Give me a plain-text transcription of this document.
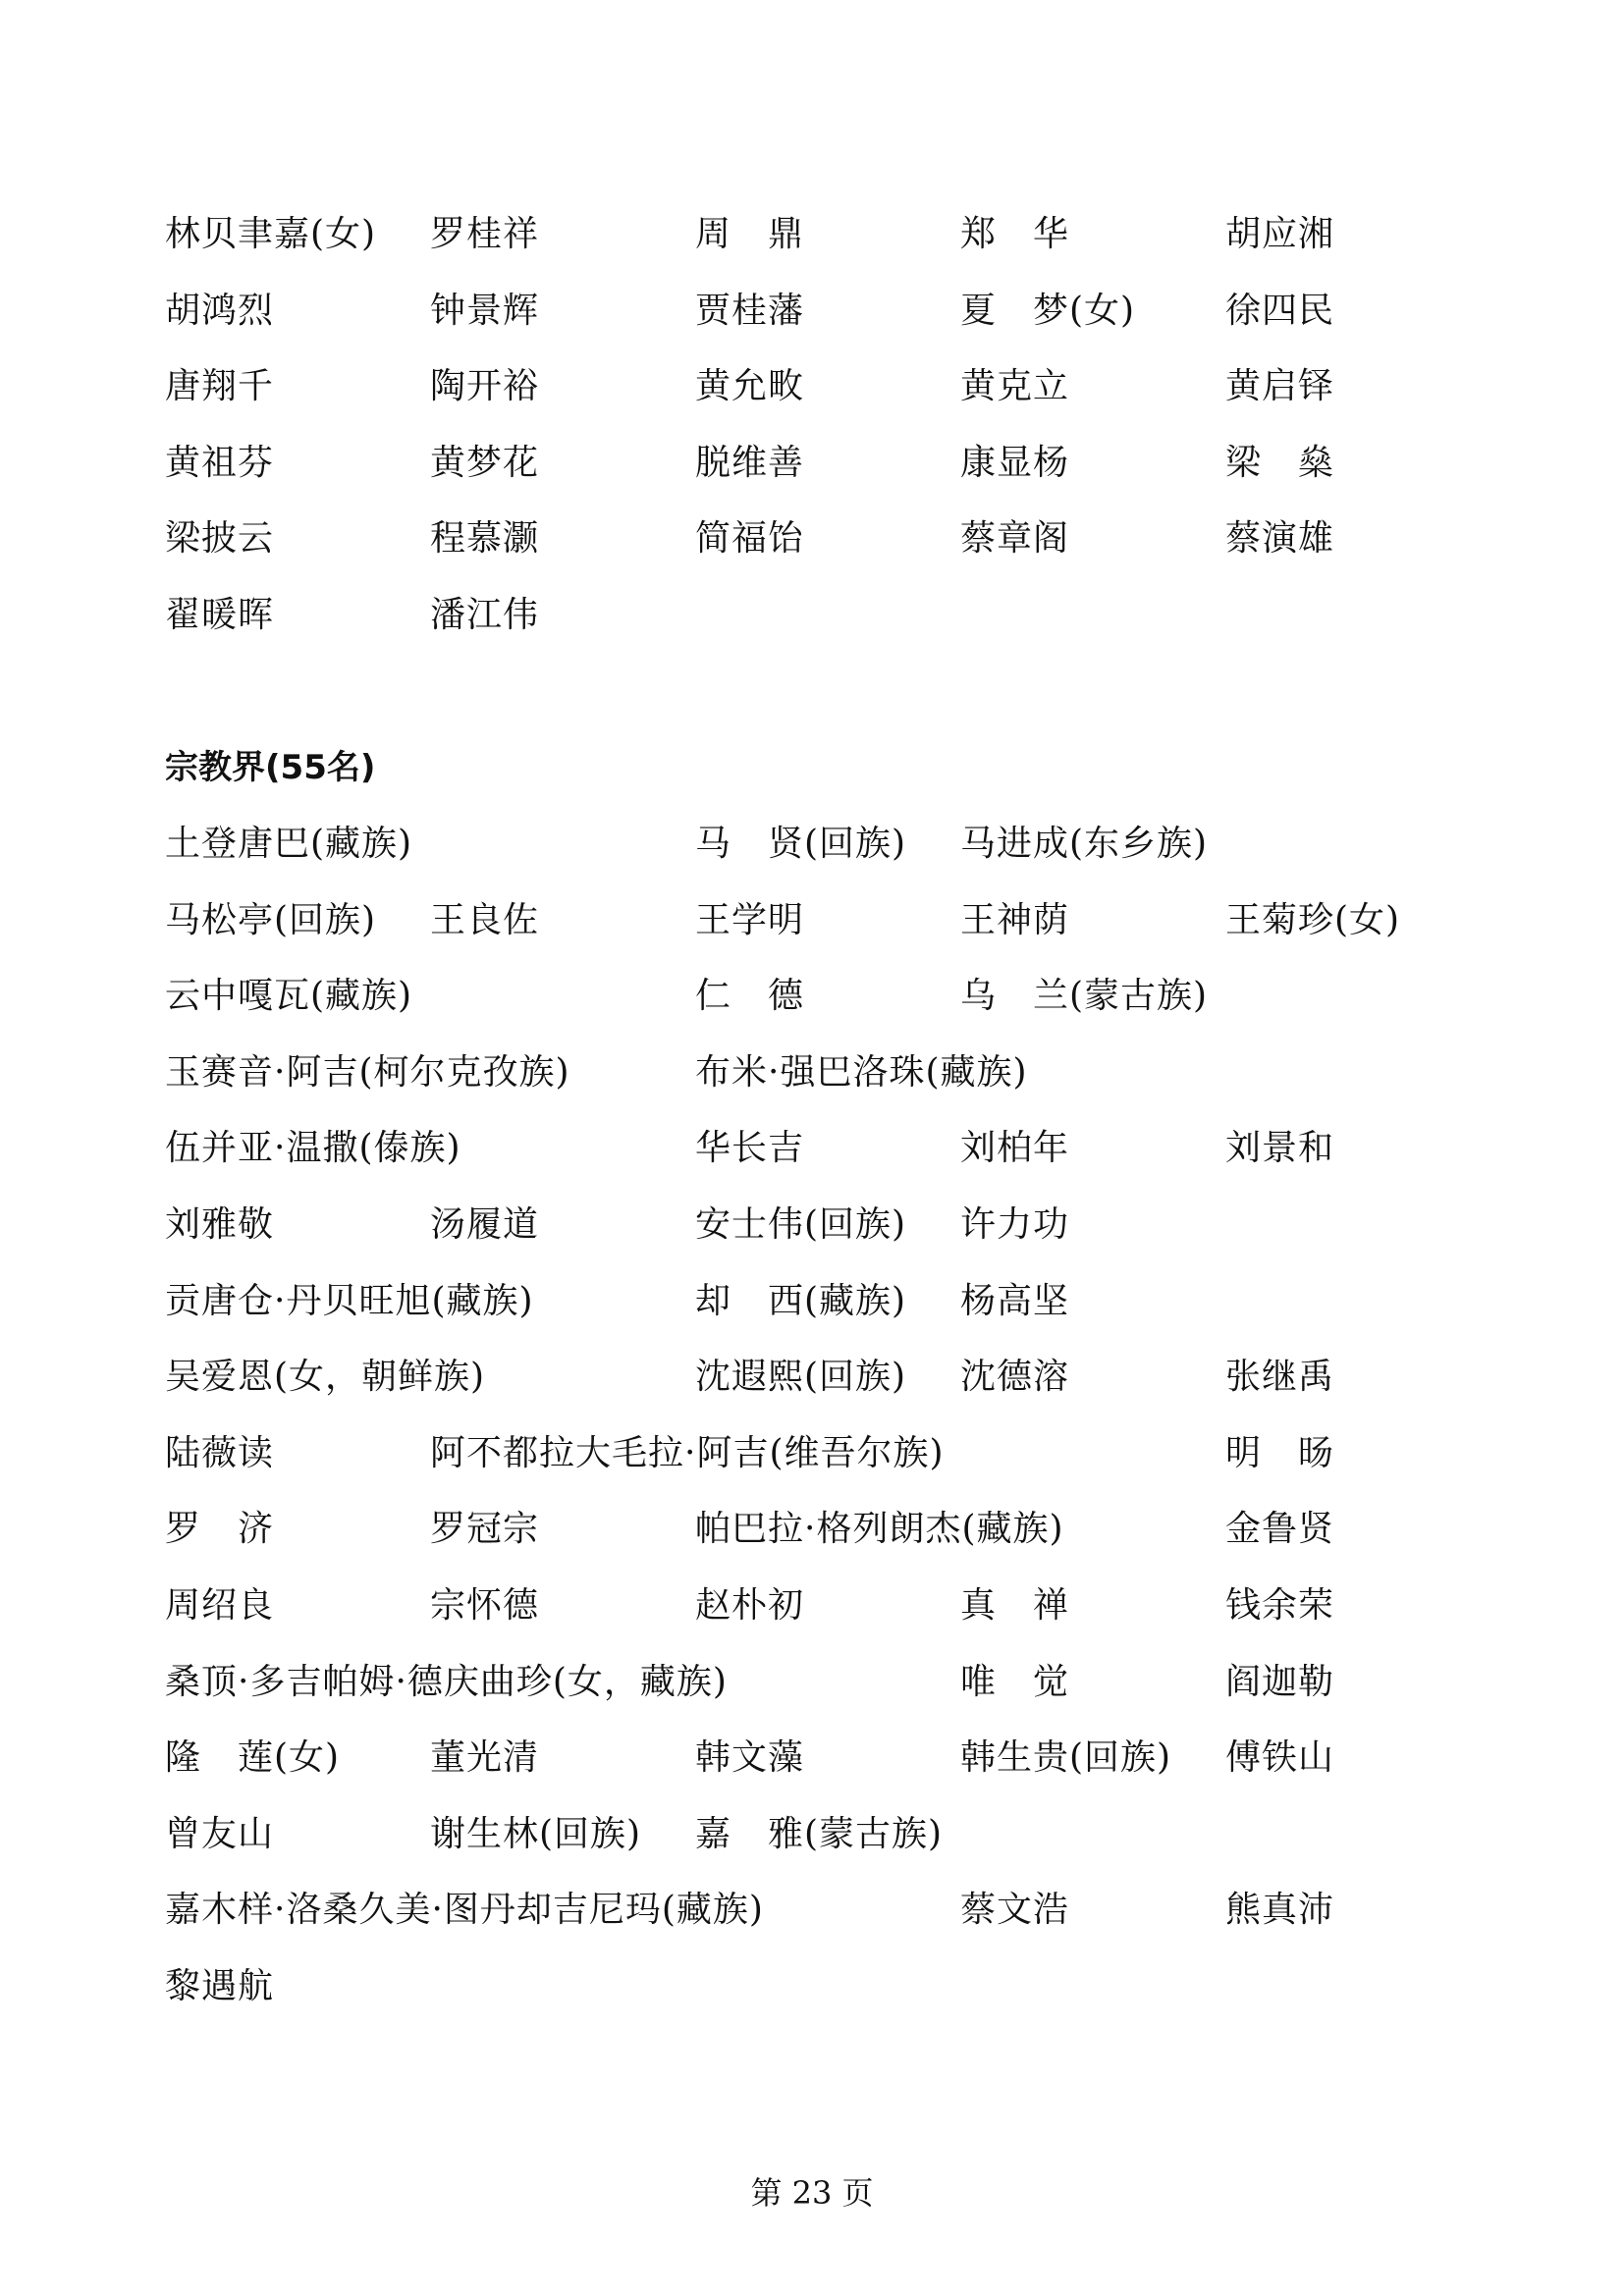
林贝聿嘉(女) 罗桂祥	周　鼎	郑　华	胡应湘
胡鸿烈	钟景辉	贾桂藩	夏　梦(女)	徐四民
唐翔千	陶开裕	黄允畋	黄克立	黄启铎
黄祖芬	黄梦花	脱维善	康显杨	梁　燊
梁披云	程慕灏	简福饴	蔡章阁	蔡演雄
翟暖晖	潘江伟
宗教界(55名)
土登唐巴(藏族)	马　贤(回族) 马进成(东乡族)
马松亭(回族) 王良佐	王学明	王神荫	王菊珍(女)
云中嘎瓦(藏族)	仁　德	乌　兰(蒙古族)
玉赛音·阿吉(柯尔克孜族)	布米·强巴洛珠(藏族)
伍并亚·温撒(傣族)	华长吉	刘柏年	刘景和
刘雅敬	汤履道	安士伟(回族) 许力功
贡唐仓·丹贝旺旭(藏族)	却　西(藏族) 杨高坚
吴爱恩(女，朝鲜族)	沈遐熙(回族) 沈德溶	张继禹
陆薇读	阿不都拉大毛拉·阿吉(维吾尔族)	明　旸
罗　济	罗冠宗	帕巴拉·格列朗杰(藏族)	金鲁贤
周绍良	宗怀德	赵朴初	真　禅	钱余荣
桑顶·多吉帕姆·德庆曲珍(女，藏族)	唯　觉	阎迦勒
隆　莲(女)	董光清	韩文藻	韩生贵(回族) 傅铁山
曾友山	谢生林(回族) 嘉　雅(蒙古族)
嘉木样·洛桑久美·图丹却吉尼玛(藏族)	蔡文浩	熊真沛
黎遇航
第 23 页
